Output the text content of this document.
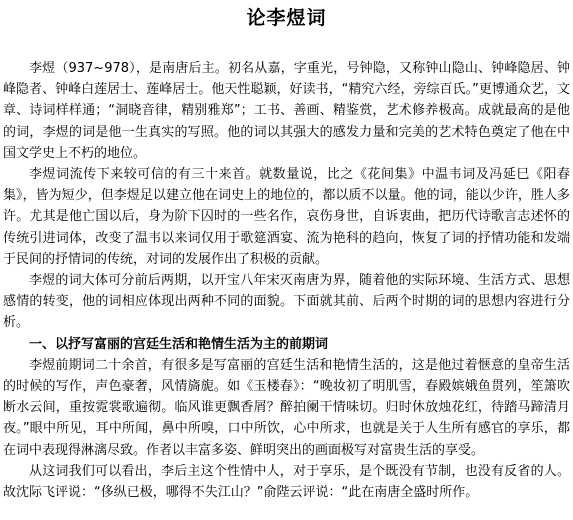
论李煜词

李煜（937~978），是南唐后主。初名从嘉，字重光，号钟隐，又称钟山隐山、钟峰隐居、钟峰隐者、钟峰白莲居士、莲峰居士。他天性聪颖，好读书，“精究六经，旁综百氏。”更博通众艺，文章、诗词样样通；“洞晓音律，精别雅郑”；工书、善画、精鉴赏，艺术修养极高。成就最高的是他的词，李煜的词是他一生真实的写照。他的词以其强大的感发力量和完美的艺术特色奠定了他在中国文学史上不朽的地位。

李煜词流传下来较可信的有三十来首。就数量说，比之《花间集》中温韦词及冯延巳《阳春集》，皆为短少，但李煜足以建立他在词史上的地位的，都以质不以量。他的词，能以少许，胜人多许。尤其是他亡国以后，身为阶下囚时的一些名作，哀伤身世，自诉衷曲，把历代诗歌言志述怀的传统引进词体，改变了温韦以来词仅用于歌筵酒宴、流为艳科的趋向，恢复了词的抒情功能和发端于民间的抒情词的传统，对词的发展作出了积极的贡献。

李煜的词大体可分前后两期，以开宝八年宋灭南唐为界，随着他的实际环境、生活方式、思想感情的转变，他的词相应体现出两种不同的面貌。下面就其前、后两个时期的词的思想内容进行分析。

一、以抒写富丽的宫廷生活和艳情生活为主的前期词

李煜前期词二十余首，有很多是写富丽的宫廷生活和艳情生活的，这是他过着惬意的皇帝生活的时候的写作，声色豪奢，风情旖旎。如《玉楼春》：“晚妆初了明肌雪，春殿嫔娥鱼贯列，笙箫吹断水云间，重按霓裳歌遍彻。临风谁更飘香屑？醉拍阑干情味切。归时休放烛花红，待踏马蹄清月夜。”眼中所见，耳中所闻，鼻中所嗅，口中所饮，心中所求，也就是关于人生所有感官的享乐，都在词中表现得淋漓尽致。作者以丰富多姿、鲜明突出的画面极写对富贵生活的享受。

从这词我们可以看出，李后主这个性情中人，对于享乐，是个既没有节制，也没有反省的人。故沈际飞评说：“侈纵已极，哪得不失江山？”俞陛云评说：“此在南唐全盛时所作。
